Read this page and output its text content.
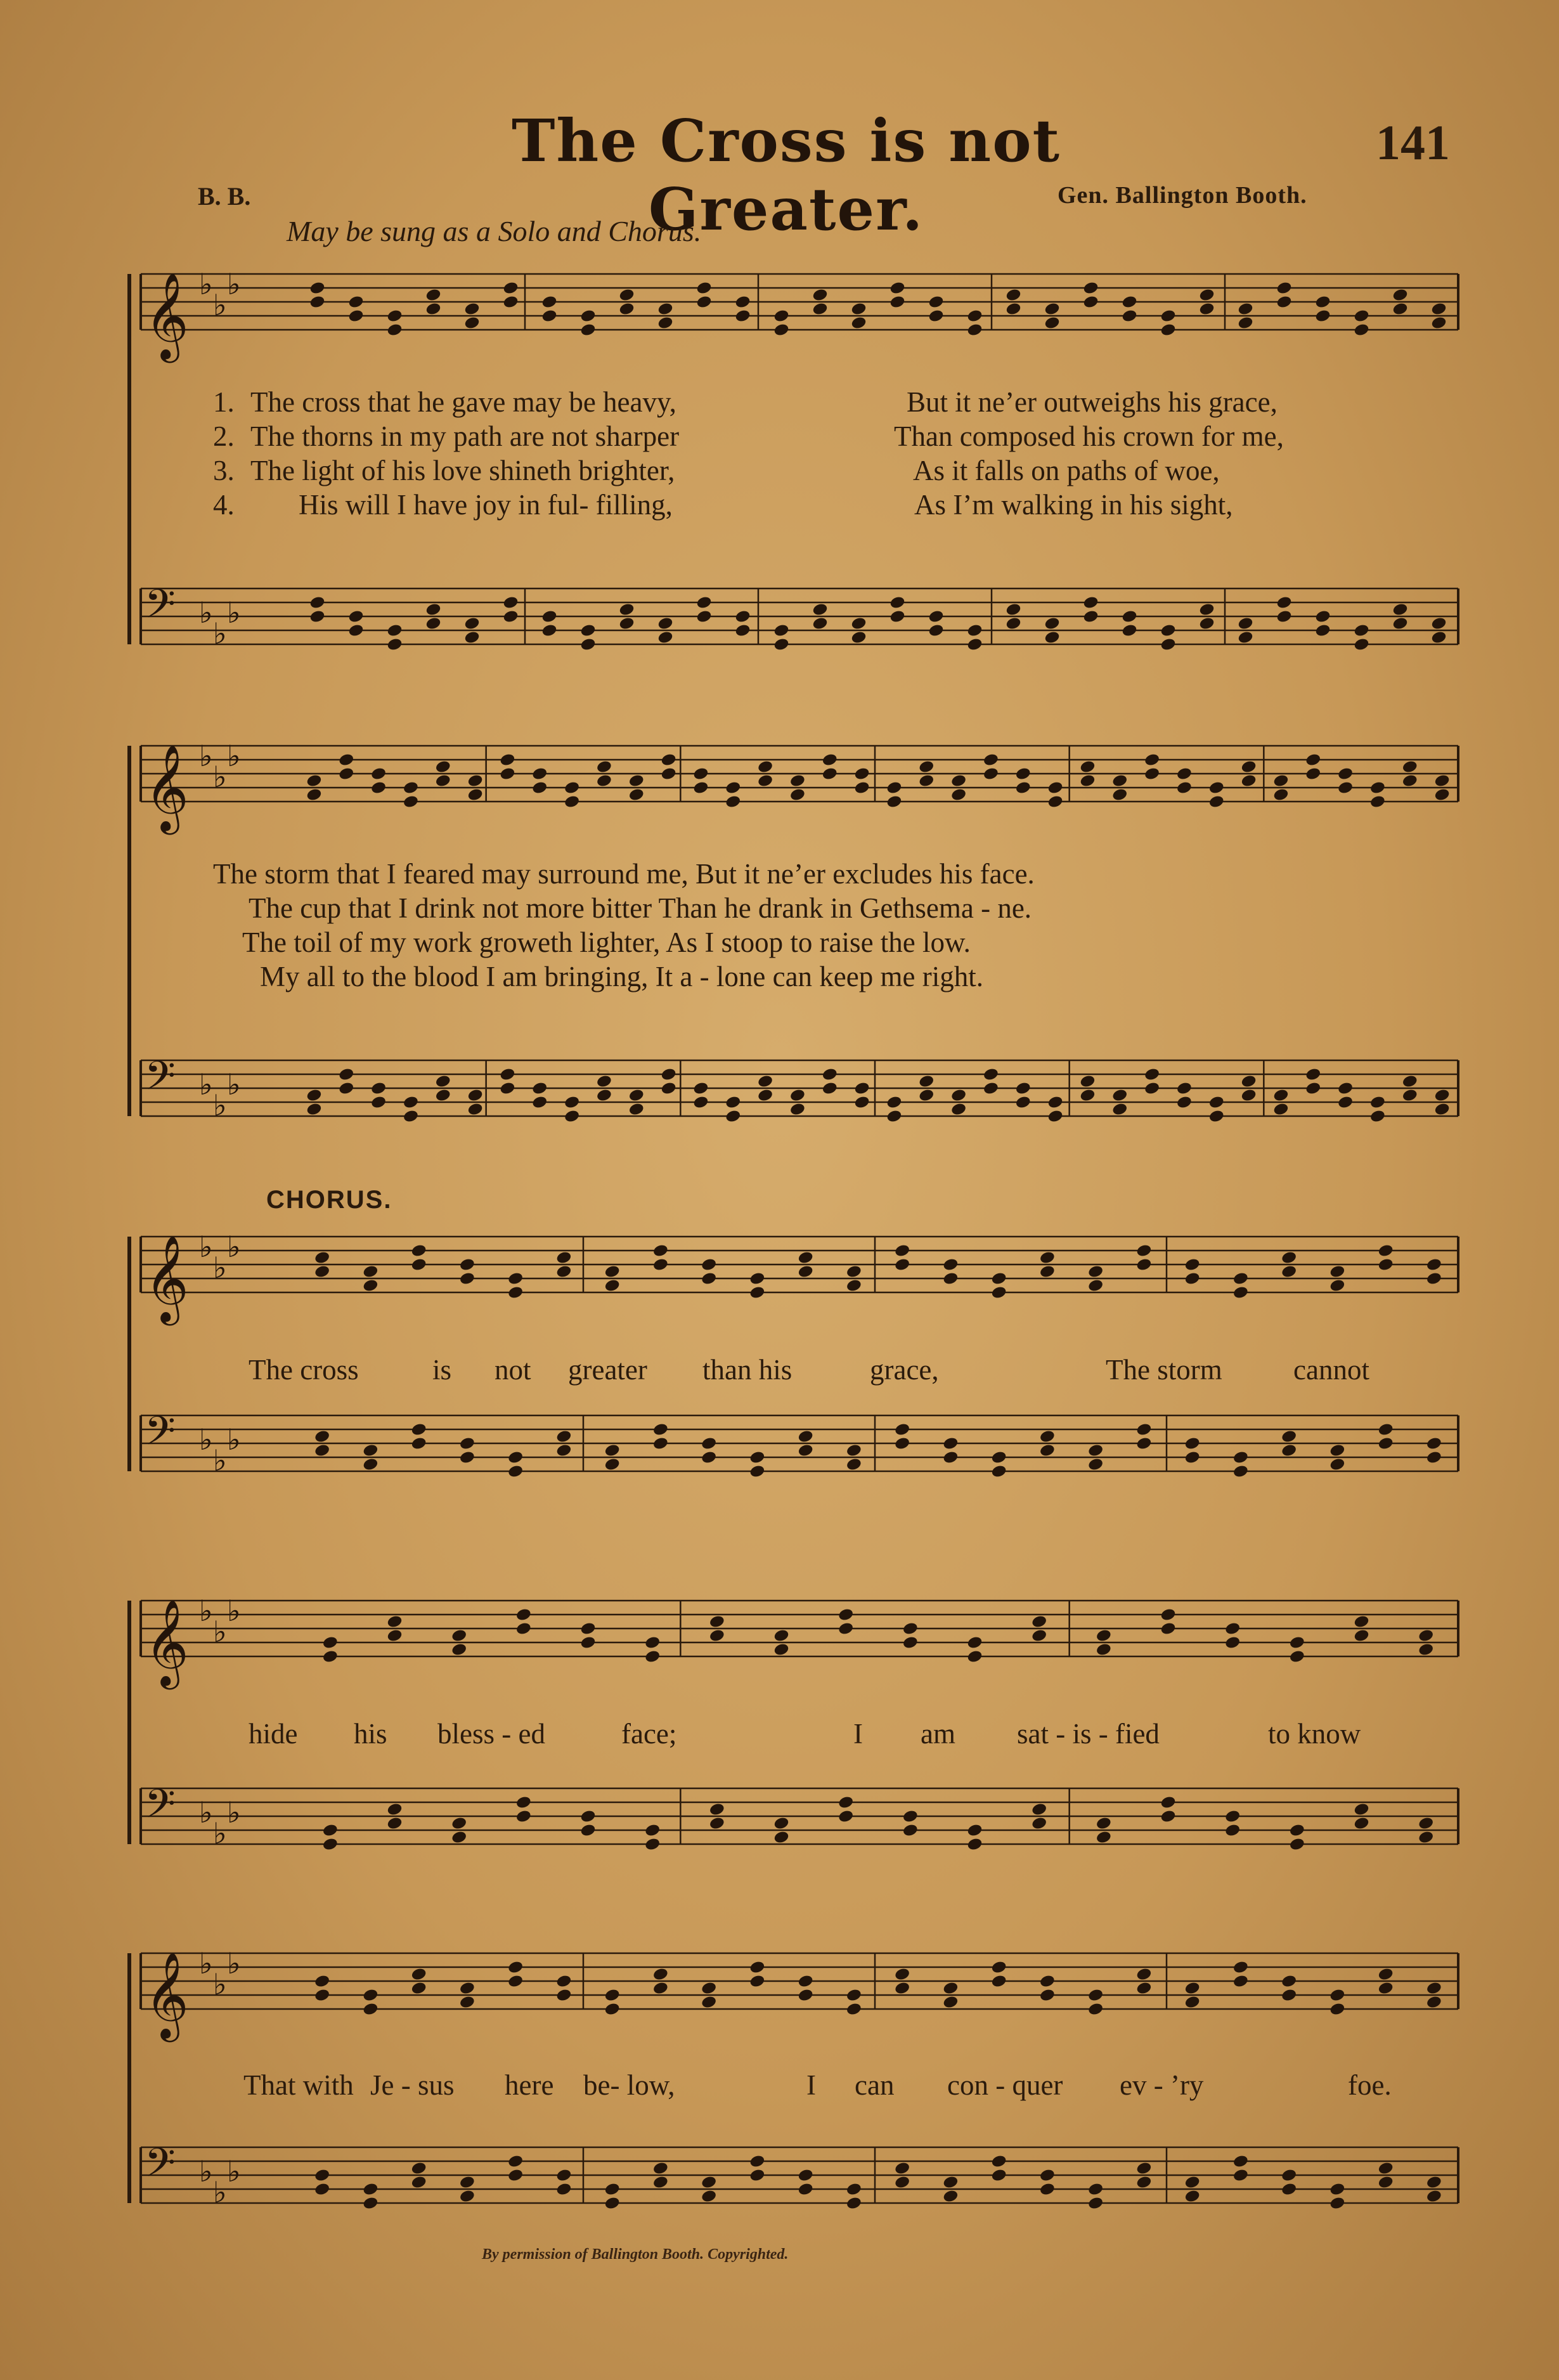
The Cross is not Greater.
141
B. B.	Gen. Ballington Booth.
May be sung as a Solo and Chorus.
𝄞 ♭
♭
♭
𝄢 ♭
♭
♭
𝄞 ♭
♭
♭
𝄢 ♭
♭
♭
𝄞 ♭
♭
♭
𝄢 ♭
♭
♭
𝄞 ♭
♭
♭
𝄢 ♭
♭
♭
𝄞 ♭
♭
♭
𝄢 ♭
♭
♭
1. The cross that he gave may be heavy,	But it ne’er outweighs his grace,
2. The thorns in my path are not sharper	Than composed his crown for me,
3. The light of his love shineth brighter,	As it falls on paths of woe,
4. His will I have joy in ful- filling,	As I’m walking in his sight,
The storm that I feared may surround me, But it ne’er excludes his face.
The cup that I drink not more bitter Than he drank in Gethsema - ne.
The toil of my work groweth lighter, As I stoop to raise the low.
My all to the blood I am bringing, It a - lone can keep me right.
CHORUS.
The cross	is not greater than his	grace,	The storm cannot
hide his bless - ed	face;	I am sat - is - fied	to know
That with Je - sus here be- low,	I can con - quer ev - ’ry	foe.
By permission of Ballington Booth. Copyrighted.
